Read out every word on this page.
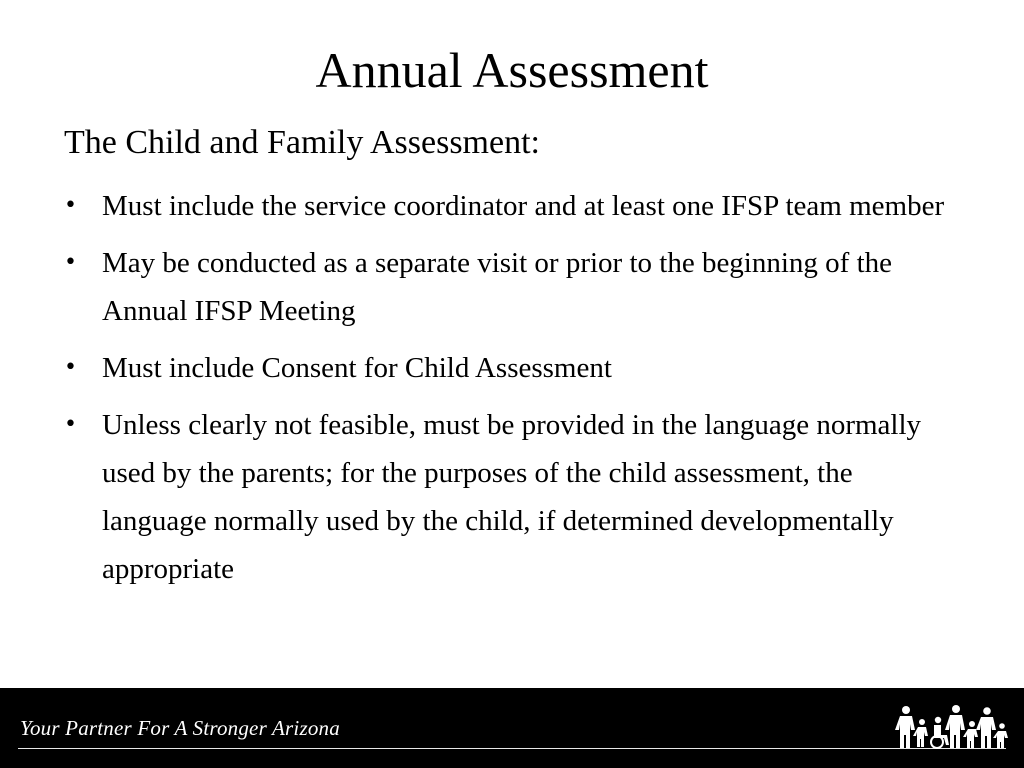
Annual Assessment
The Child and Family Assessment:
• Must include the service coordinator and at least one IFSP team member
• May be conducted as a separate visit or prior to the beginning of the Annual IFSP Meeting
• Must include Consent for Child Assessment
• Unless clearly not feasible, must be provided in the language normally used by the parents; for the purposes of the child assessment, the language normally used by the child, if determined developmentally appropriate
Your Partner For A Stronger Arizona
